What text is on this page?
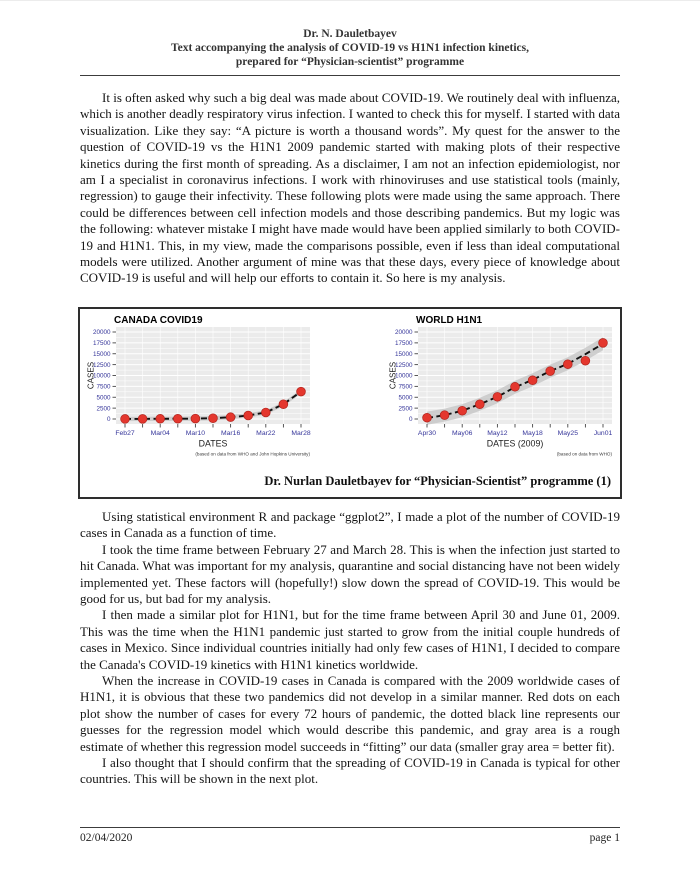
Dr. N. Dauletbayev
Text accompanying the analysis of COVID-19 vs H1N1 infection kinetics,
prepared for “Physician-scientist” programme

It is often asked why such a big deal was made about COVID-19. We routinely deal with influenza, which is another deadly respiratory virus infection. I wanted to check this for myself. I started with data visualization. Like they say: “A picture is worth a thousand words”. My quest for the answer to the question of COVID-19 vs the H1N1 2009 pandemic started with making plots of their respective kinetics during the first month of spreading. As a disclaimer, I am not an infection epidemiologist, nor am I a specialist in coronavirus infections. I work with rhinoviruses and use statistical tools (mainly, regression) to gauge their infectivity. These following plots were made using the same approach. There could be differences between cell infection models and those describing pandemics. But my logic was the following: whatever mistake I might have made would have been applied similarly to both COVID-19 and H1N1. This, in my view, made the comparisons possible, even if less than ideal computational models were utilized. Another argument of mine was that these days, every piece of knowledge about COVID-19 is useful and will help our efforts to contain it. So here is my analysis.

0
2500
5000
7500
10000
12500
15000
17500
20000
Feb27 Mar04 Mar10 Mar16 Mar22 Mar28
CANADA COVID19
DATES
CASES
(based on data from WHO and John Hopkins University)
0
2500
5000
7500
10000
12500
15000
17500
20000
Apr30 May06 May12 May18 May25 Jun01
WORLD H1N1
DATES (2009)
CASES
(based on data from WHO)
Dr. Nurlan Dauletbayev for “Physician-Scientist” programme (1)

Using statistical environment R and package “ggplot2”, I made a plot of the number of COVID-19 cases in Canada as a function of time.

I took the time frame between February 27 and March 28. This is when the infection just started to hit Canada. What was important for my analysis, quarantine and social distancing have not been widely implemented yet. These factors will (hopefully!) slow down the spread of COVID-19. This would be good for us, but bad for my analysis.

I then made a similar plot for H1N1, but for the time frame between April 30 and June 01, 2009. This was the time when the H1N1 pandemic just started to grow from the initial couple hundreds of cases in Mexico. Since individual countries initially had only few cases of H1N1, I decided to compare the Canada's COVID-19 kinetics with H1N1 kinetics worldwide.

When the increase in COVID-19 cases in Canada is compared with the 2009 worldwide cases of H1N1, it is obvious that these two pandemics did not develop in a similar manner. Red dots on each plot show the number of cases for every 72 hours of pandemic, the dotted black line represents our guesses for the regression model which would describe this pandemic, and gray area is a rough estimate of whether this regression model succeeds in “fitting” our data (smaller gray area = better fit).

I also thought that I should confirm that the spreading of COVID-19 in Canada is typical for other countries. This will be shown in the next plot.

02/04/2020	page 1
